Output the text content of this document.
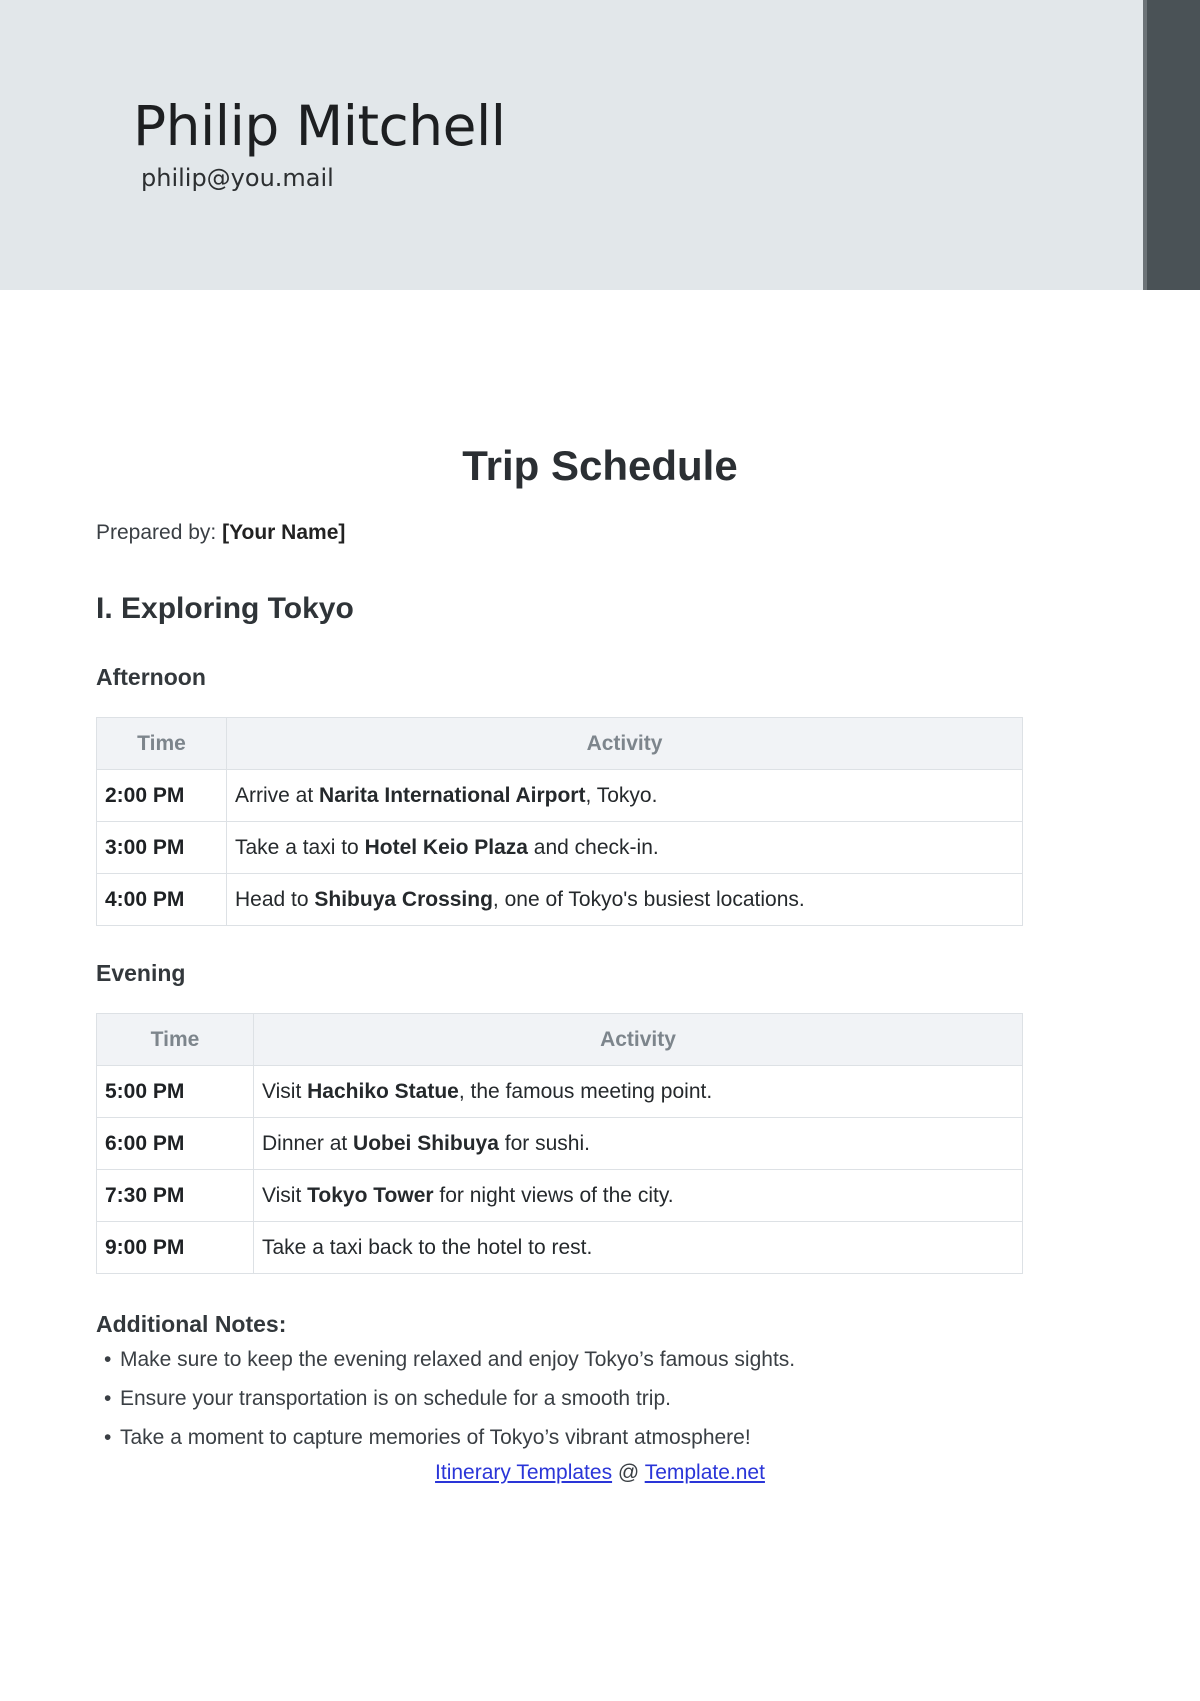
Philip Mitchell
philip@you.mail
Trip Schedule
Prepared by: [Your Name]
I. Exploring Tokyo
Afternoon
Time	Activity
2:00 PM	Arrive at Narita International Airport, Tokyo.
3:00 PM	Take a taxi to Hotel Keio Plaza and check-in.
4:00 PM	Head to Shibuya Crossing, one of Tokyo's busiest locations.
Evening
Time	Activity
5:00 PM	Visit Hachiko Statue, the famous meeting point.
6:00 PM	Dinner at Uobei Shibuya for sushi.
7:30 PM	Visit Tokyo Tower for night views of the city.
9:00 PM	Take a taxi back to the hotel to rest.
Additional Notes:
• Make sure to keep the evening relaxed and enjoy Tokyo’s famous sights.
• Ensure your transportation is on schedule for a smooth trip.
• Take a moment to capture memories of Tokyo’s vibrant atmosphere!
Itinerary Templates @ Template.net
